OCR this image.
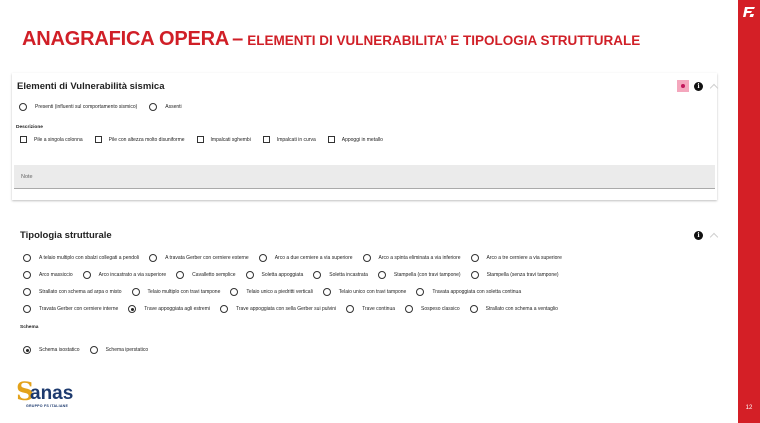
ANAGRAFICA OPERA – ELEMENTI DI VULNERABILITA’ E TIPOLOGIA STRUTTURALE
12
Elementi di Vulnerabilità sismica	i
Presenti (influenti sul comportamento sismico)	Assenti
Descrizione
Pile a singola colonna	Pile con altezza molto disuniforme	Impalcati sghembi	Impalcati in curva	Appoggi in metallo
Note
Tipologia strutturale	i
A telaio multiplo con sbalzi collegati a pendoli	A travata Gerber con cerniere esterne	Arco a due cerniere a via superiore	Arco a spinta eliminata a via inferiore	Arco a tre cerniere a via superiore
Arco massiccio	Arco incastrato a via superiore	Cavalletto semplice	Soletta appoggiata	Soletta incastrata	Stampella (con travi tampone)	Stampella (senza travi tampone)
Strallato con schema ad arpa o misto	Telaio multiplo con travi tampone	Telaio unico a piedritti verticali	Telaio unico con travi tampone	Travata appoggiata con soletta continua
Travata Gerber con cerniere interne	Trave appoggiata agli estremi	Trave appoggiata con sella Gerber sui pulvini	Trave continua	Sospeso classico	Strallato con schema a ventaglio
Schema
Schema isostatico	Schema iperstatico
S
anas
GRUPPO FS ITALIANE
